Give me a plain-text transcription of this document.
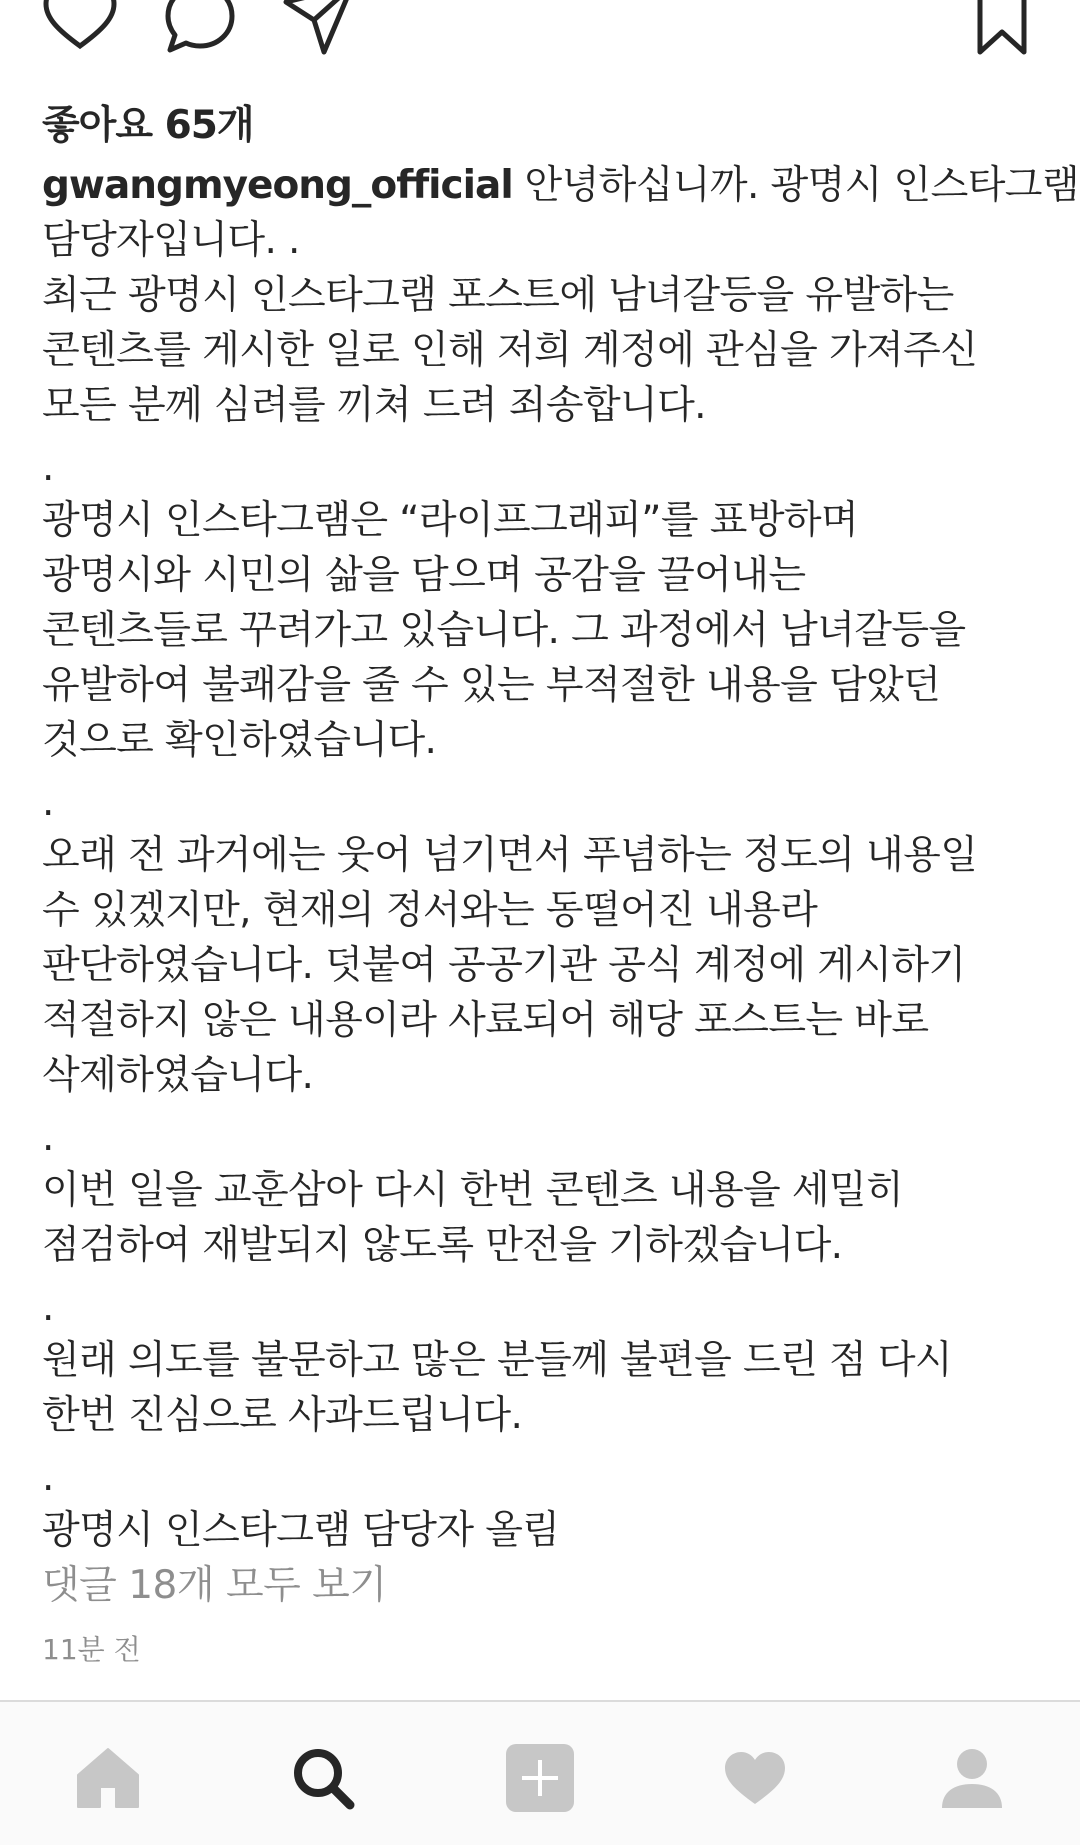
좋아요 65개
gwangmyeong_official 안녕하십니까. 광명시 인스타그램
담당자입니다. .
최근 광명시 인스타그램 포스트에 남녀갈등을 유발하는
콘텐츠를 게시한 일로 인해 저희 계정에 관심을 가져주신
모든 분께 심려를 끼쳐 드려 죄송합니다.
.
광명시 인스타그램은 “라이프그래피”를 표방하며
광명시와 시민의 삶을 담으며 공감을 끌어내는
콘텐츠들로 꾸려가고 있습니다. 그 과정에서 남녀갈등을
유발하여 불쾌감을 줄 수 있는 부적절한 내용을 담았던
것으로 확인하였습니다.
.
오래 전 과거에는 웃어 넘기면서 푸념하는 정도의 내용일
수 있겠지만, 현재의 정서와는 동떨어진 내용라
판단하였습니다. 덧붙여 공공기관 공식 계정에 게시하기
적절하지 않은 내용이라 사료되어 해당 포스트는 바로
삭제하였습니다.
.
이번 일을 교훈삼아 다시 한번 콘텐츠 내용을 세밀히
점검하여 재발되지 않도록 만전을 기하겠습니다.
.
원래 의도를 불문하고 많은 분들께 불편을 드린 점 다시
한번 진심으로 사과드립니다.
.
광명시 인스타그램 담당자 올림
댓글 18개 모두 보기
11분 전
